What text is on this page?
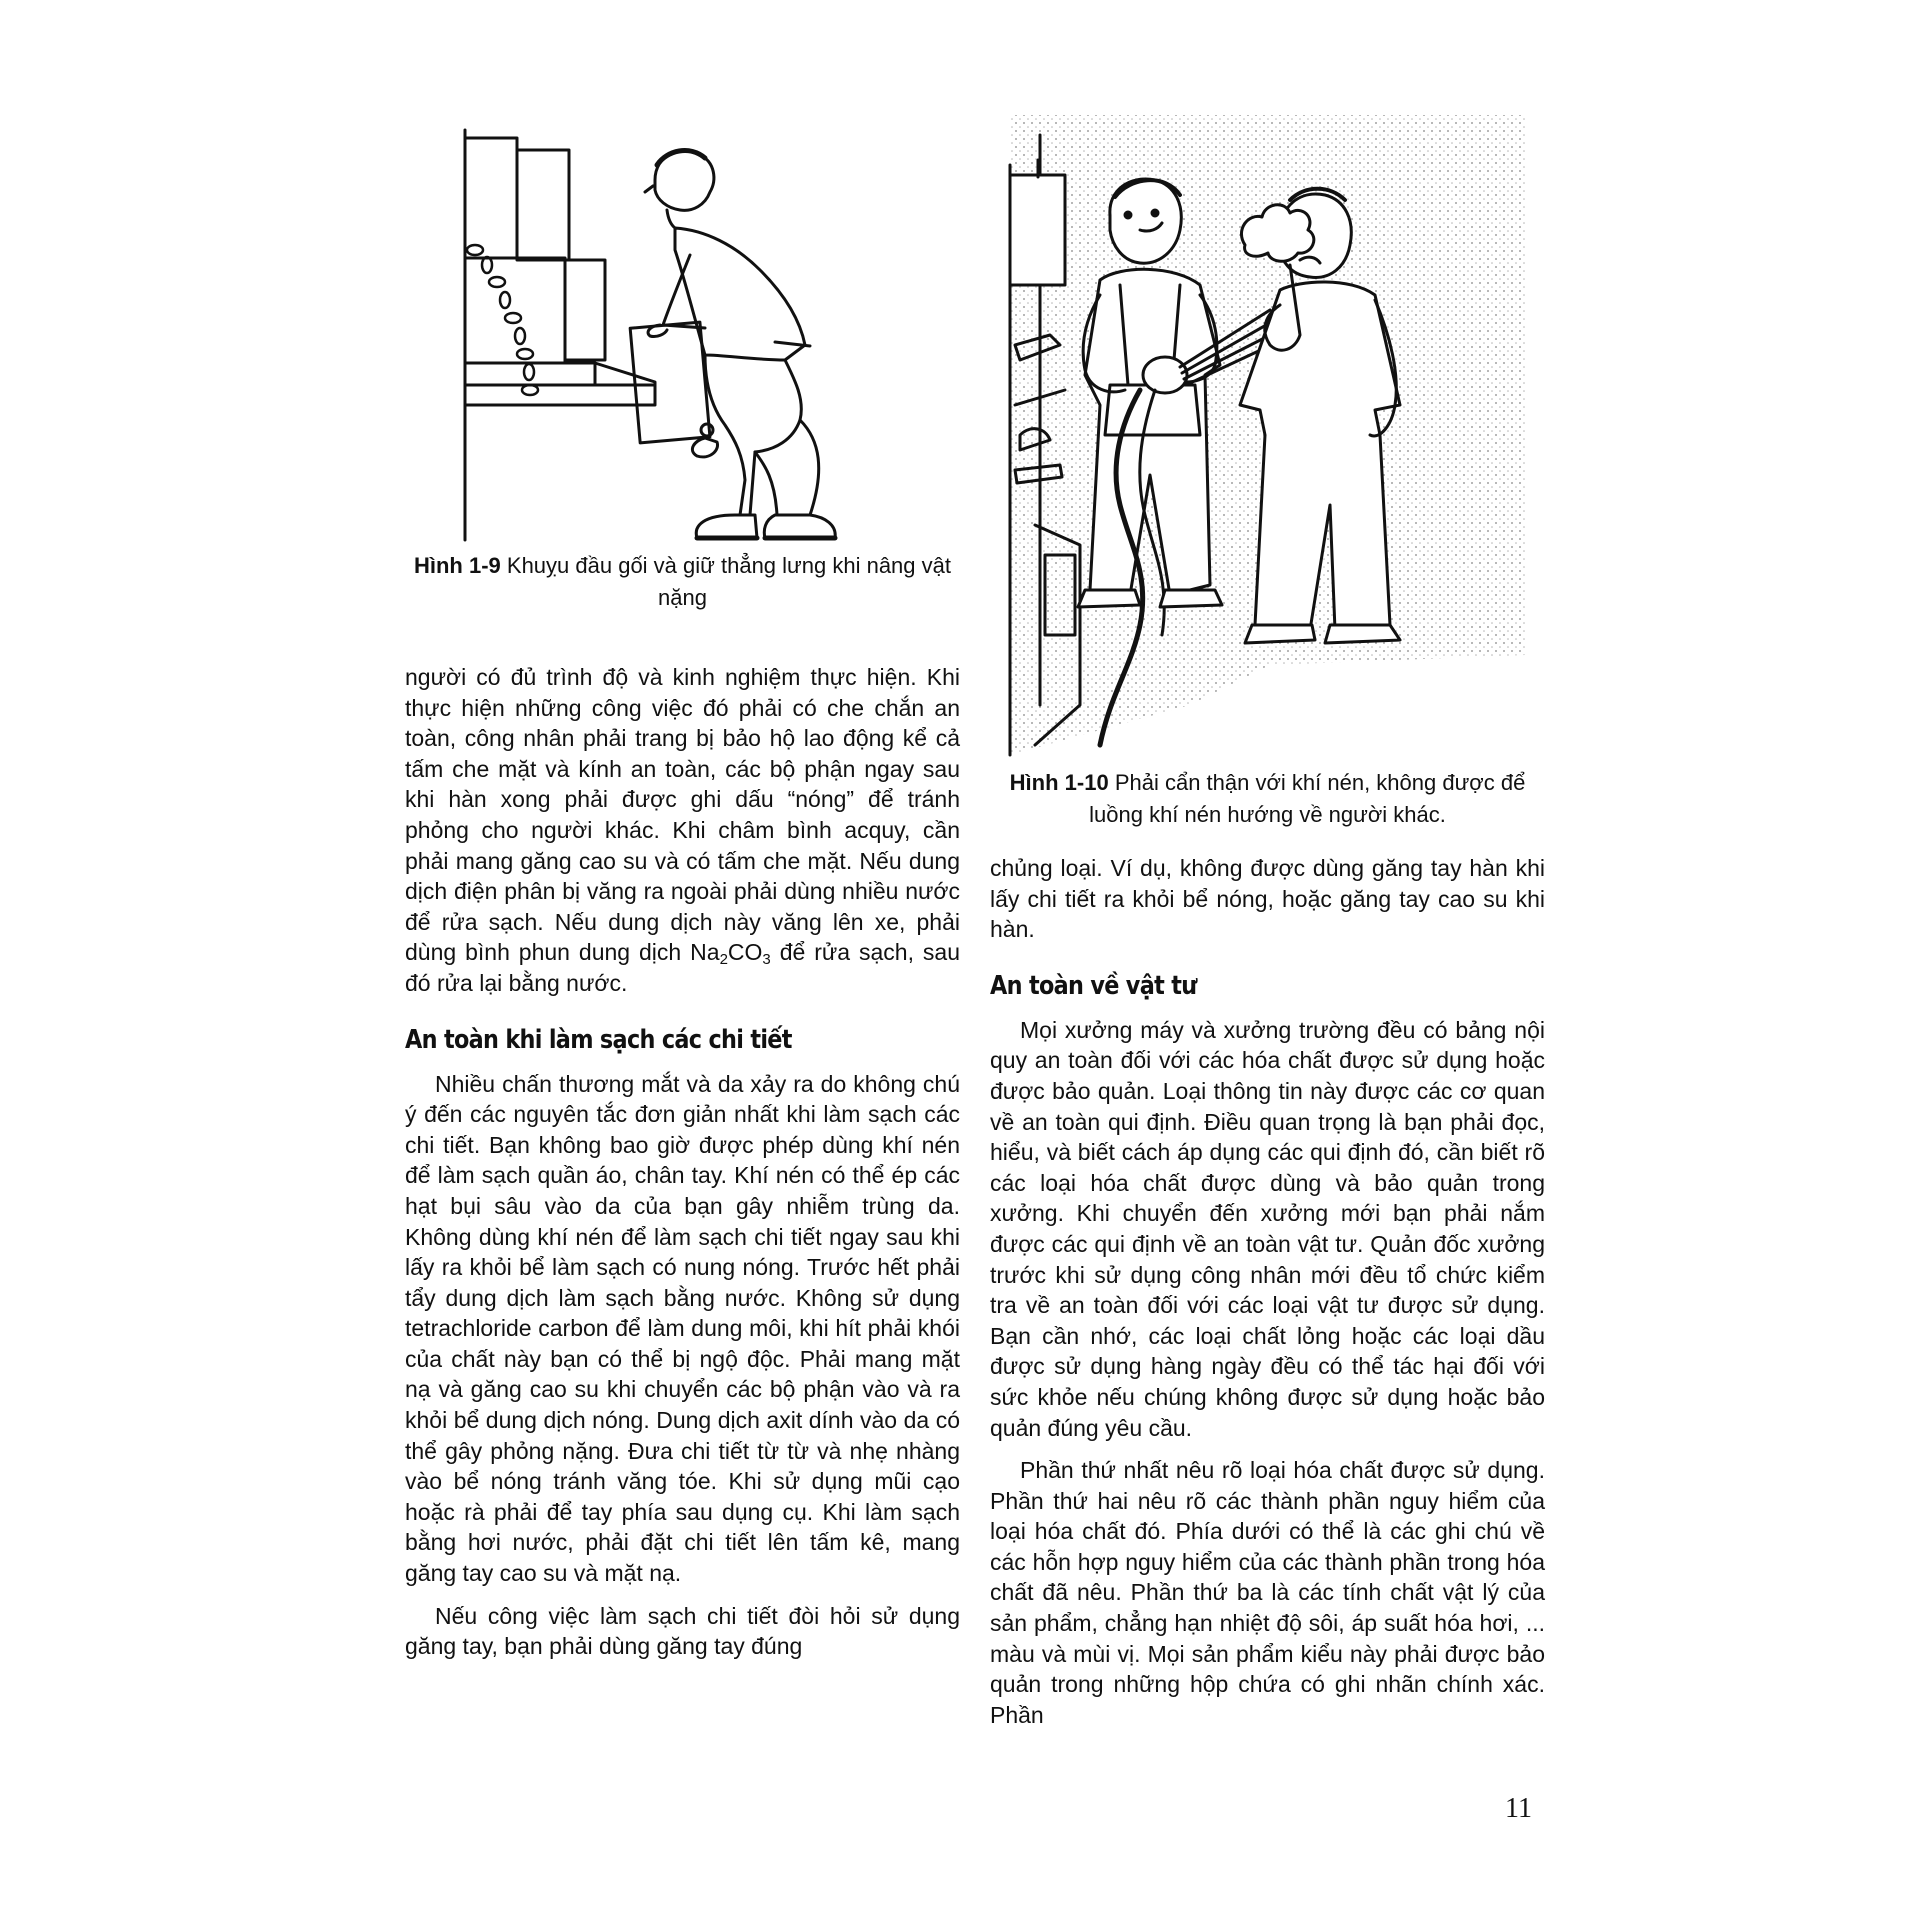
Hình 1-9 Khuỵu đầu gối và giữ thẳng lưng khi nâng vật nặng

người có đủ trình độ và kinh nghiệm thực hiện. Khi thực hiện những công việc đó phải có che chắn an toàn, công nhân phải trang bị bảo hộ lao động kể cả tấm che mặt và kính an toàn, các bộ phận ngay sau khi hàn xong phải được ghi dấu “nóng” để tránh phỏng cho người khác. Khi châm bình acquy, cần phải mang găng cao su và có tấm che mặt. Nếu dung dịch điện phân bị văng ra ngoài phải dùng nhiều nước để rửa sạch. Nếu dung dịch này văng lên xe, phải dùng bình phun dung dịch $Na_2CO_3$ để rửa sạch, sau đó rửa lại bằng nước.

An toàn khi làm sạch các chi tiết

Nhiều chấn thương mắt và da xảy ra do không chú ý đến các nguyên tắc đơn giản nhất khi làm sạch các chi tiết. Bạn không bao giờ được phép dùng khí nén để làm sạch quần áo, chân tay. Khí nén có thể ép các hạt bụi sâu vào da của bạn gây nhiễm trùng da. Không dùng khí nén để làm sạch chi tiết ngay sau khi lấy ra khỏi bể làm sạch có nung nóng. Trước hết phải tẩy dung dịch làm sạch bằng nước. Không sử dụng tetrachloride carbon để làm dung môi, khi hít phải khói của chất này bạn có thể bị ngộ độc. Phải mang mặt nạ và găng cao su khi chuyển các bộ phận vào và ra khỏi bể dung dịch nóng. Dung dịch axit dính vào da có thể gây phỏng nặng. Đưa chi tiết từ từ và nhẹ nhàng vào bể nóng tránh văng tóe. Khi sử dụng mũi cạo hoặc rà phải để tay phía sau dụng cụ. Khi làm sạch bằng hơi nước, phải đặt chi tiết lên tấm kê, mang găng tay cao su và mặt nạ.

Nếu công việc làm sạch chi tiết đòi hỏi sử dụng găng tay, bạn phải dùng găng tay đúng

Hình 1-10 Phải cẩn thận với khí nén, không được để luồng khí nén hướng về người khác.

chủng loại. Ví dụ, không được dùng găng tay hàn khi lấy chi tiết ra khỏi bể nóng, hoặc găng tay cao su khi hàn.

An toàn về vật tư

Mọi xưởng máy và xưởng trường đều có bảng nội quy an toàn đối với các hóa chất được sử dụng hoặc được bảo quản. Loại thông tin này được các cơ quan về an toàn qui định. Điều quan trọng là bạn phải đọc, hiểu, và biết cách áp dụng các qui định đó, cần biết rõ các loại hóa chất được dùng và bảo quản trong xưởng. Khi chuyển đến xưởng mới bạn phải nắm được các qui định về an toàn vật tư. Quản đốc xưởng trước khi sử dụng công nhân mới đều tổ chức kiểm tra về an toàn đối với các loại vật tư được sử dụng. Bạn cần nhớ, các loại chất lỏng hoặc các loại dầu được sử dụng hàng ngày đều có thể tác hại đối với sức khỏe nếu chúng không được sử dụng hoặc bảo quản đúng yêu cầu.

Phần thứ nhất nêu rõ loại hóa chất được sử dụng. Phần thứ hai nêu rõ các thành phần nguy hiểm của loại hóa chất đó. Phía dưới có thể là các ghi chú về các hỗn hợp nguy hiểm của các thành phần trong hóa chất đã nêu. Phần thứ ba là các tính chất vật lý của sản phẩm, chẳng hạn nhiệt độ sôi, áp suất hóa hơi, ... màu và mùi vị. Mọi sản phẩm kiểu này phải được bảo quản trong những hộp chứa có ghi nhãn chính xác. Phần

11
